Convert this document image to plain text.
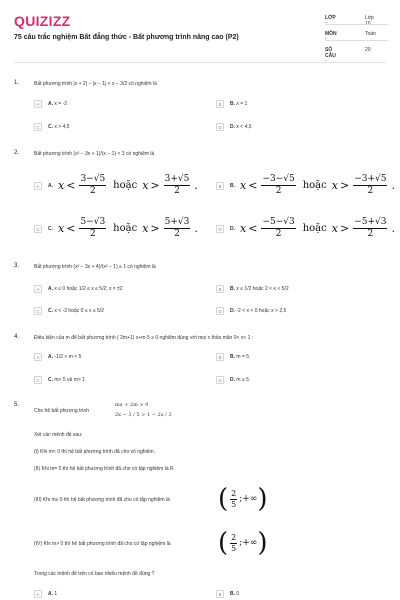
QUIZIZZ
75 câu trắc nghiệm Bất đẳng thức - Bất phương trình nâng cao (P2)
LỚP :
Lớp 10
MÔN :
Toán
SỐ CÂU :
20
1.	Bất phương trình |x + 2| − |x − 1| < x − 3/2 có nghiệm là
A	A. x = -2	B	B. x = 1
C	C. x > 4,5	D	D. x < 4,5
2.	Bất phương trình (x² − 3x + 1)/(x − 1) < 3 có nghiệm là
A	A. $x < \frac{3-√5}{2}$ hoặc $x > \frac{3+√5}{2}$ .	B	B. $x < \frac{-3-√5}{2}$ hoặc $x > \frac{-3+√5}{2}$ .
C	C. $x < \frac{5-√3}{2}$ hoặc $x > \frac{5+√3}{2}$ .	D	D. $x < \frac{-5-√3}{2}$ hoặc $x > \frac{-5+√3}{2}$ .
3.	Bất phương trình (x² − 3x + 4)/(x² − 1) ≥ 1 có nghiệm là
A	A. x ≤ 0 hoặc 1/2 ≤ x ≤ 5/2; x ≠ ±2	B	B. x ≤ 1/2 hoặc 2 < x < 5/2
C	C. x < -2 hoặc 0 ≤ x ≤ 5/2	D	D. -2 < x < 0 hoặc x > 2,5
4.	Điều kiện của m để bất phương trình ( 2m+1) x+m-5 ≥ 0 nghiệm đúng với mọi x thỏa mãn 0< x< 1 :
A	A. -1/2 < m < 5	B	B. m = 5
C	C. m> 5 và m> 1	D	D. m ≥ 5
5.
Cho hệ bất phương trình
mx + 2m > 0
2x − 3 / 5 > 1 − 2x / 3
Xét các mệnh đề sau:
(I) Khi m< 0 thì hệ bất phương trình đã cho vô nghiệm.
(II) Khi m= 0 thì hệ bất phương trình đã cho có tập nghiệm là R
(III) Khi m≥ 0 thì hệ bất phương trình đã cho có tập nghiệm là ( $\frac{2}{5}$ ;+∞ )
(IV) Khi m> 0 thì hệ bất phương trình đã cho có tập nghiệm là ( $\frac{2}{5}$ ;+∞ )
Trong các mệnh đề trên có bao nhiêu mệnh đề đúng ?
A	A. 1	B	B. 0
